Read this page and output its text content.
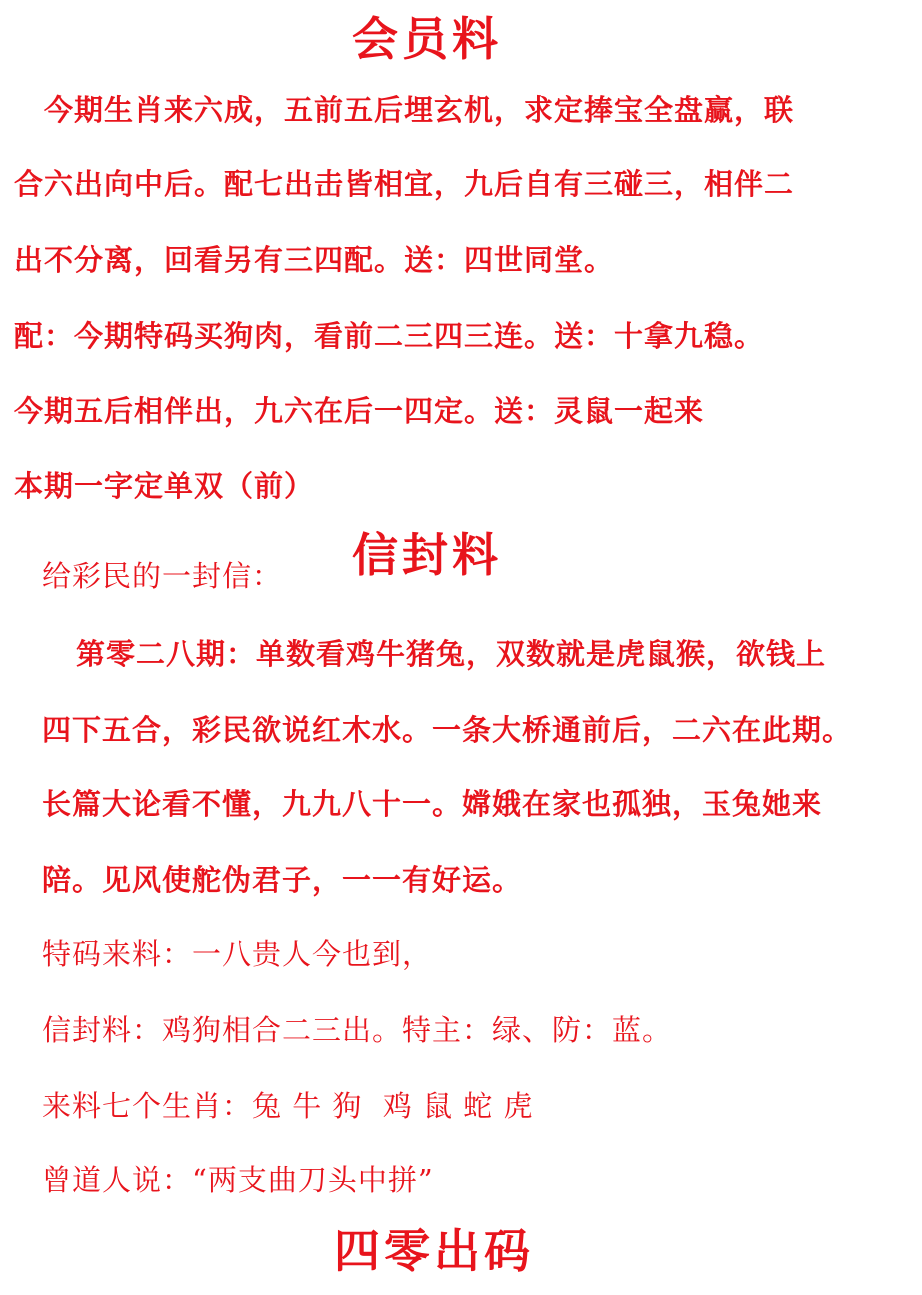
会员料
今期生肖来六成，五前五后埋玄机，求定捧宝全盘赢，联
合六出向中后。配七出击皆相宜，九后自有三碰三，相伴二
出不分离，回看另有三四配。送：四世同堂。
配：今期特码买狗肉，看前二三四三连。送：十拿九稳。
今期五后相伴出，九六在后一四定。送：灵鼠一起来
本期一字定单双（前）
信封料
给彩民的一封信：
第零二八期：单数看鸡牛猪兔，双数就是虎鼠猴，欲钱上
四下五合，彩民欲说红木水。一条大桥通前后，二六在此期。
长篇大论看不懂，九九八十一。嫦娥在家也孤独，玉兔她来
陪。见风使舵伪君子，一一有好运。
特码来料：一八贵人今也到，
信封料：鸡狗相合二三出。特主：绿、防：蓝。
来料七个生肖：兔 牛 狗  鸡 鼠 蛇 虎
曾道人说：“两支曲刀头中拼”
四零出码
